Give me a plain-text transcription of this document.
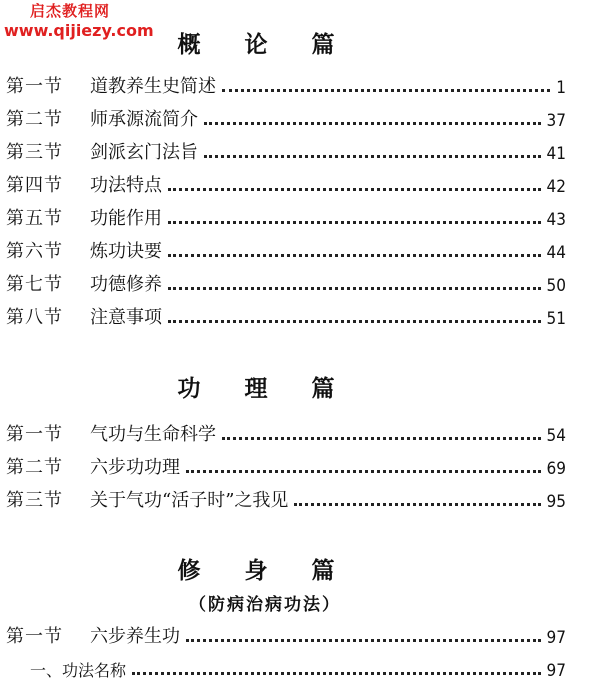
启杰教程网
www.qijiezy.com
概 论 篇
第一节	道教养生史简述	1
第二节	师承源流简介	37
第三节	剑派玄门法旨	41
第四节	功法特点	42
第五节	功能作用	43
第六节	炼功诀要	44
第七节	功德修养	50
第八节	注意事项	51
功 理 篇
第一节	气功与生命科学	54
第二节	六步功功理	69
第三节	关于气功“活子时”之我见	95
修 身 篇
（防病治病功法）
第一节	六步养生功	97
一、功法名称	97
